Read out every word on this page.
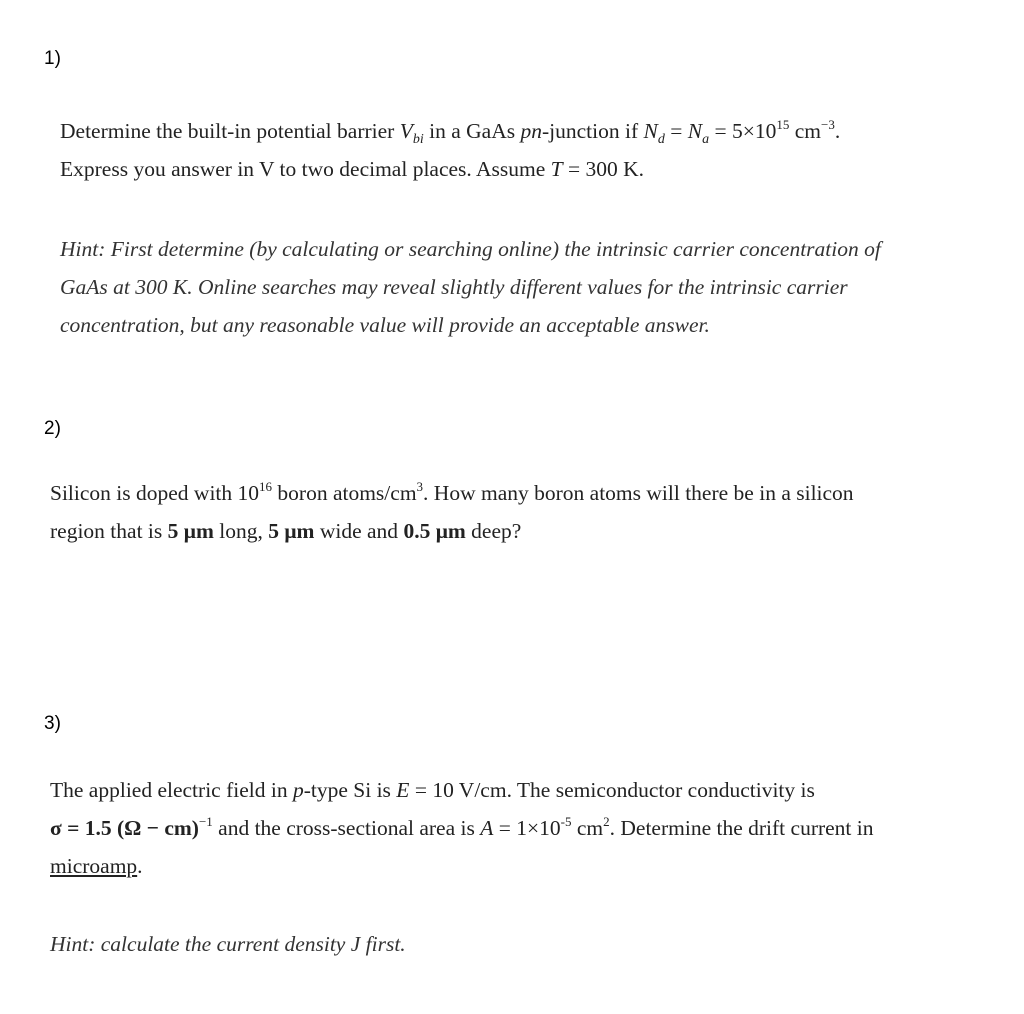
1)
Determine the built-in potential barrier $V_{bi}$ in a GaAs pn-junction if $N_d = N_a = 5\times 10^{15}$ $cm^{-3}$.
Express you answer in V to two decimal places. Assume T = 300 K.
Hint: First determine (by calculating or searching online) the intrinsic carrier concentration of
GaAs at 300 K. Online searches may reveal slightly different values for the intrinsic carrier
concentration, but any reasonable value will provide an acceptable answer.
2)
Silicon is doped with $10^{16}$ boron atoms/$cm^3$. How many boron atoms will there be in a silicon
region that is 5 μm long, 5 μm wide and 0.5 μm deep?
3)
The applied electric field in p-type Si is E = 10 V/cm. The semiconductor conductivity is
σ = 1.5 (Ω − cm)$^{-1}$ and the cross-sectional area is $A = 1\times 10^{-5}$ $cm^2$. Determine the drift current in
microamp.
Hint: calculate the current density J first.
